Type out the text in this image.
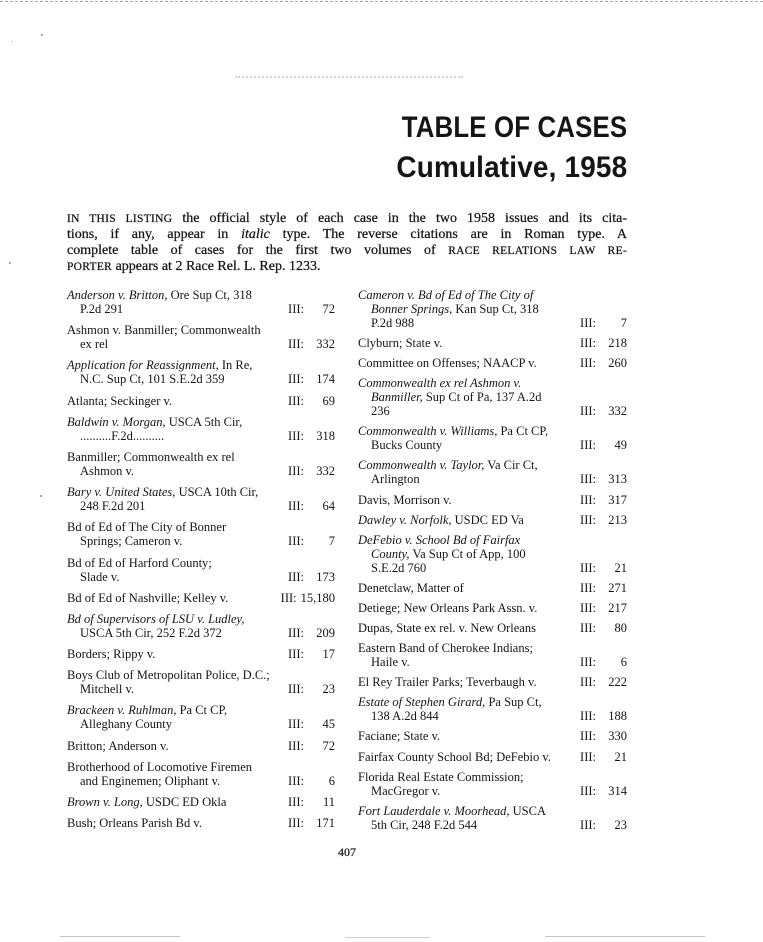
TABLE OF CASES
Cumulative, 1958
IN THIS LISTING the official style of each case in the two 1958 issues and its cita-
tions, if any, appear in italic type. The reverse citations are in Roman type. A
complete table of cases for the first two volumes of RACE RELATIONS LAW RE-
PORTER appears at 2 Race Rel. L. Rep. 1233.
Anderson v. Britton, Ore Sup Ct, 318
P.2d 291	III:	72
Ashmon v. Banmiller; Commonwealth
ex rel	III: 332
Application for Reassignment, In Re,
N.C. Sup Ct, 101 S.E.2d 359	III: 174
Atlanta; Seckinger v.	III:	69
Baldwin v. Morgan, USCA 5th Cir,
..........F.2d..........	III: 318
Banmiller; Commonwealth ex rel
Ashmon v.	III: 332
Bary v. United States, USCA 10th Cir,
248 F.2d 201	III:	64
Bd of Ed of The City of Bonner
Springs; Cameron v.	III:	7
Bd of Ed of Harford County;
Slade v.	III: 173
Bd of Ed of Nashville; Kelley v.	III: 15,180
Bd of Supervisors of LSU v. Ludley,
USCA 5th Cir, 252 F.2d 372	III: 209
Borders; Rippy v.	III:	17
Boys Club of Metropolitan Police, D.C.;
Mitchell v.	III:	23
Brackeen v. Ruhlman, Pa Ct CP,
Alleghany County	III:	45
Britton; Anderson v.	III:	72
Brotherhood of Locomotive Firemen
and Enginemen; Oliphant v.	III:	6
Brown v. Long, USDC ED Okla	III:	11
Bush; Orleans Parish Bd v.	III: 171
Cameron v. Bd of Ed of The City of
Bonner Springs, Kan Sup Ct, 318
P.2d 988	III:	7
Clyburn; State v.	III: 218
Committee on Offenses; NAACP v.	III: 260
Commonwealth ex rel Ashmon v.
Banmiller, Sup Ct of Pa, 137 A.2d
236	III: 332
Commonwealth v. Williams, Pa Ct CP,
Bucks County	III:	49
Commonwealth v. Taylor, Va Cir Ct,
Arlington	III: 313
Davis, Morrison v.	III: 317
Dawley v. Norfolk, USDC ED Va	III: 213
DeFebio v. School Bd of Fairfax
County, Va Sup Ct of App, 100
S.E.2d 760	III:	21
Denetclaw, Matter of	III: 271
Detiege; New Orleans Park Assn. v.	III: 217
Dupas, State ex rel. v. New Orleans	III:	80
Eastern Band of Cherokee Indians;
Haile v.	III:	6
El Rey Trailer Parks; Teverbaugh v.	III: 222
Estate of Stephen Girard, Pa Sup Ct,
138 A.2d 844	III: 188
Faciane; State v.	III: 330
Fairfax County School Bd; DeFebio v. III:	21
Florida Real Estate Commission;
MacGregor v.	III: 314
Fort Lauderdale v. Moorhead, USCA
5th Cir, 248 F.2d 544	III:	23
407
